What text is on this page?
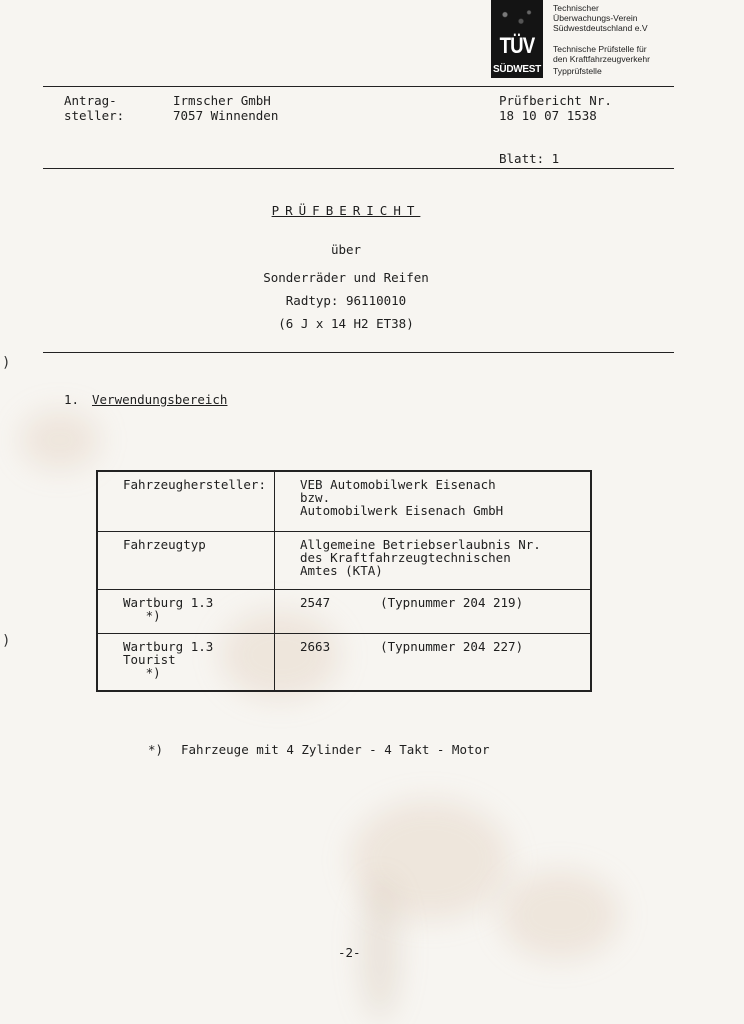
)
)
TÜV
SÜDWEST
Technischer
Überwachungs-Verein
Südwestdeutschland e.V
Technische Prüfstelle für
den Kraftfahrzeugverkehr
Typprüfstelle
Antrag-
steller:
Irmscher GmbH
7057 Winnenden
Prüfbericht Nr.
18 10 07 1538
Blatt: 1
PRÜFBERICHT
über
Sonderräder und Reifen
Radtyp: 96110010
(6 J x 14 H2 ET38)
1. Verwendungsbereich
Fahrzeughersteller:	VEB Automobilwerk Eisenach
bzw.
Automobilwerk Eisenach GmbH
Fahrzeugtyp	Allgemeine Betriebserlaubnis Nr.
des Kraftfahrzeugtechnischen
Amtes (KTA)
Wartburg 1.3
*)	2547 (Typnummer 204 219)
Wartburg 1.3
Tourist
*)	2663 (Typnummer 204 227)
*) Fahrzeuge mit 4 Zylinder - 4 Takt - Motor
-2-
